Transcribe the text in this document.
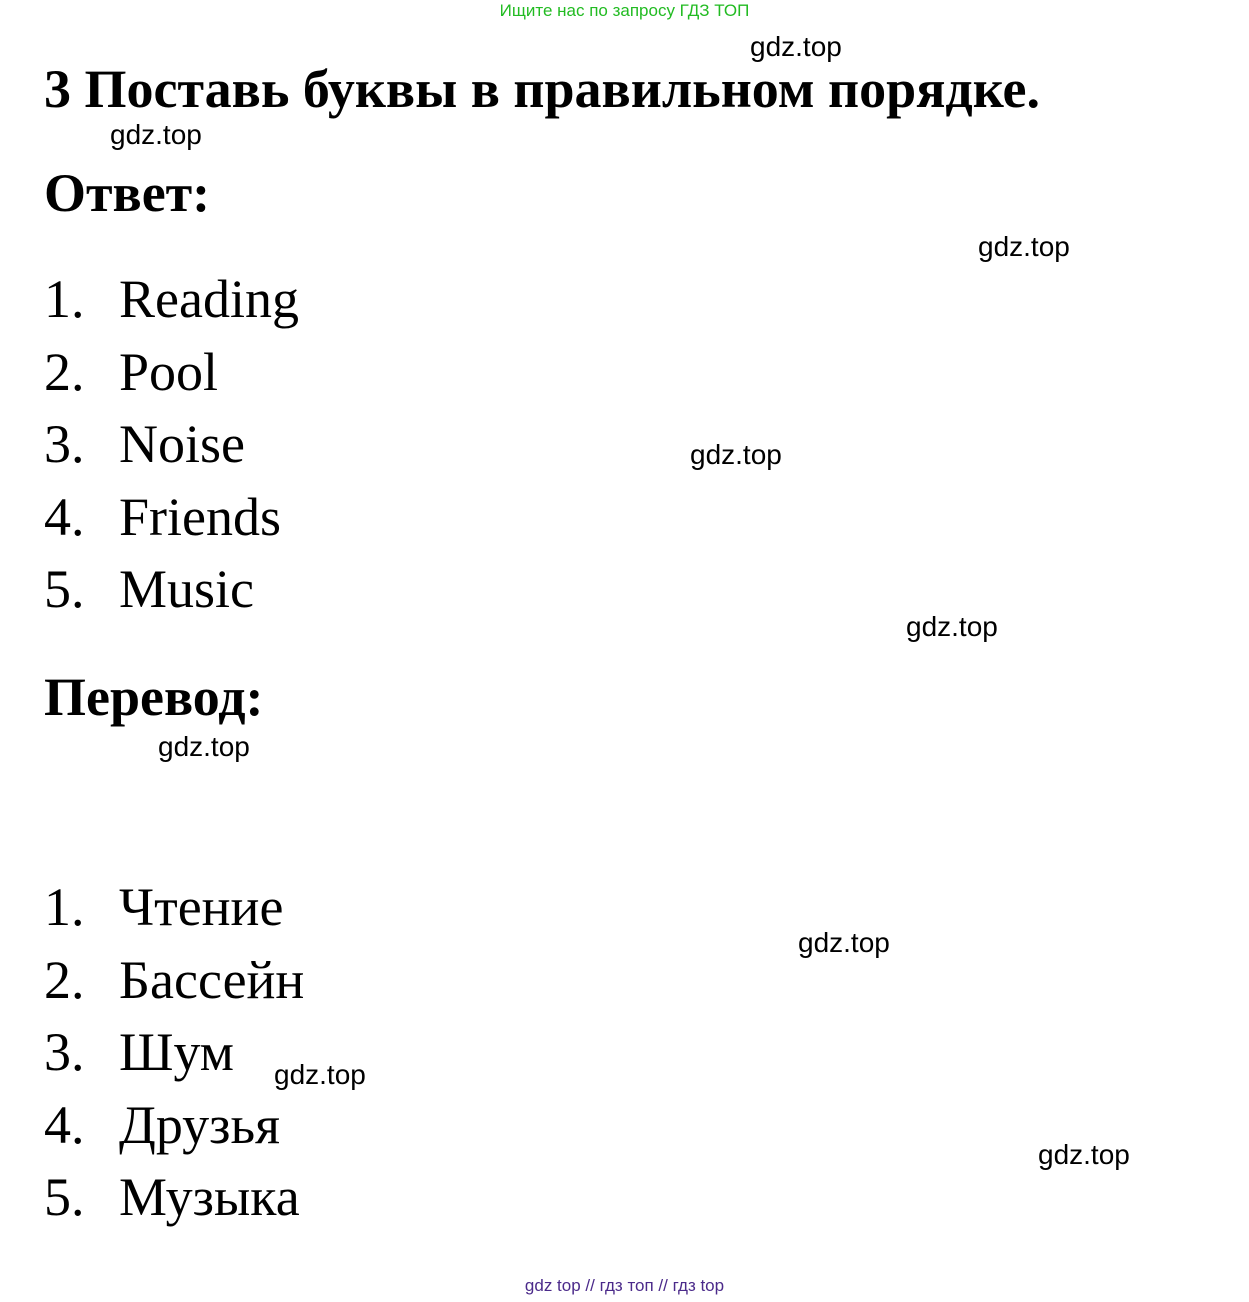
Ищите нас по запросу ГДЗ ТОП
3 Поставь буквы в правильном порядке.
Ответ:
1. Reading
2. Pool
3. Noise
4. Friends
5. Music
Перевод:
1. Чтение
2. Бассейн
3. Шум
4. Друзья
5. Музыка
gdz.top
gdz.top
gdz.top
gdz.top
gdz.top
gdz.top
gdz.top
gdz.top
gdz.top
gdz top // гдз топ // гдз top
